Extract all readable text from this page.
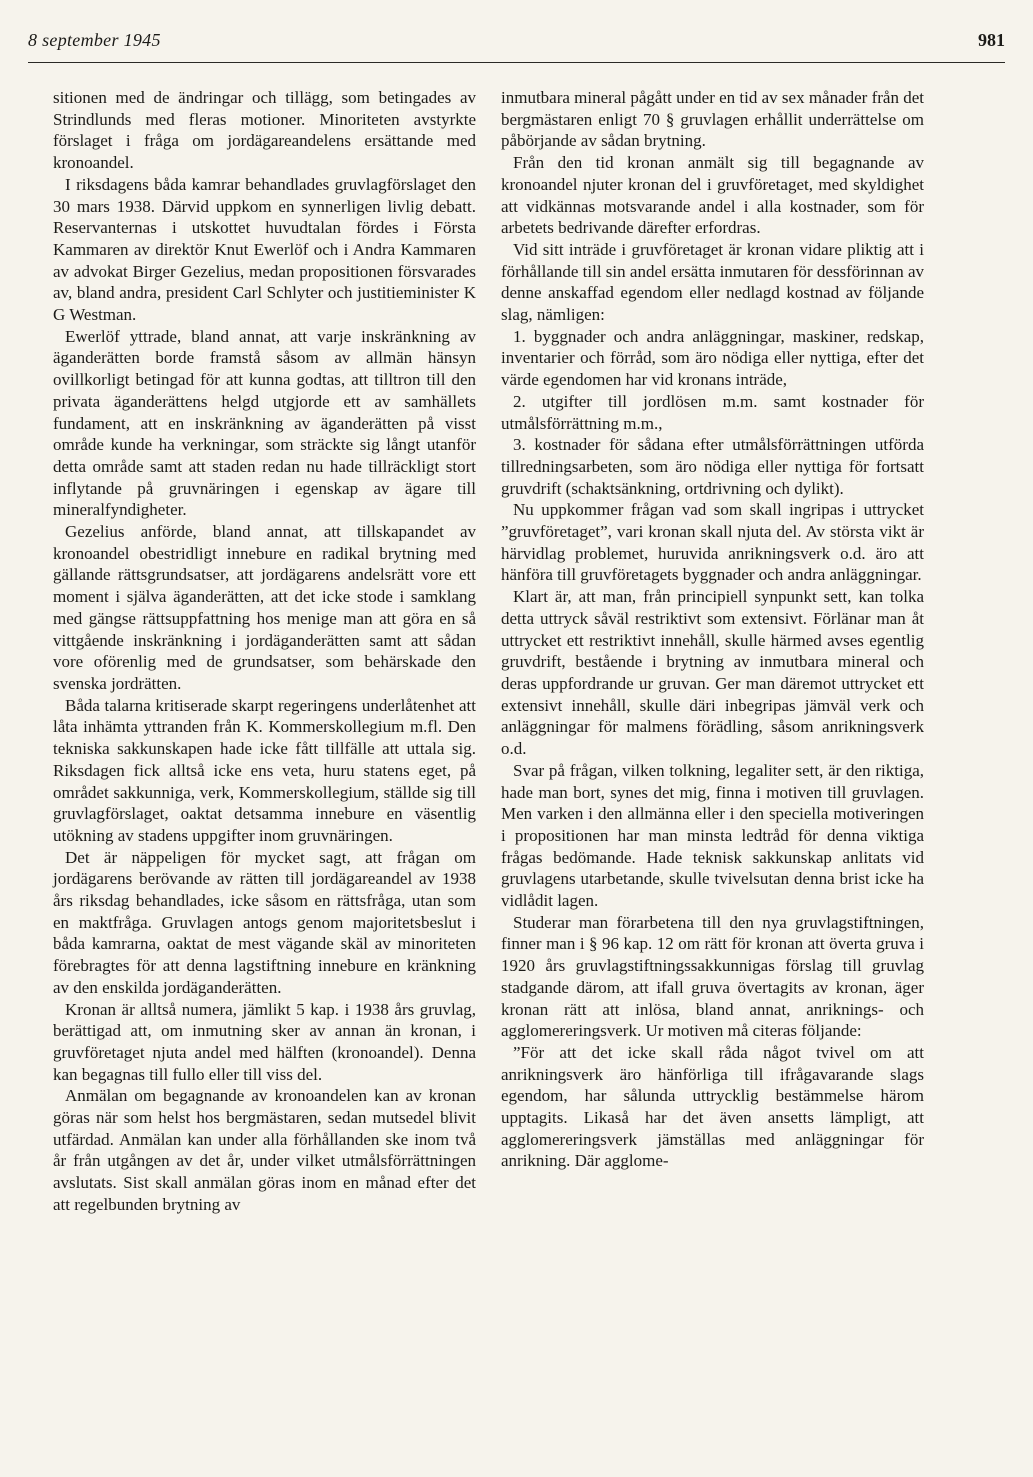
8 september 1945	981

sitionen med de ändringar och tillägg, som betingades av Strindlunds med fleras motioner. Minoriteten avstyrkte förslaget i fråga om jordägareandelens ersättande med kronoandel.

I riksdagens båda kamrar behandlades gruvlagförslaget den 30 mars 1938. Därvid uppkom en synnerligen livlig debatt. Reservanternas i utskottet huvudtalan fördes i Första Kammaren av direktör Knut Ewerlöf och i Andra Kammaren av advokat Birger Gezelius, medan propositionen försvarades av, bland andra, president Carl Schlyter och justitieminister K G Westman.

Ewerlöf yttrade, bland annat, att varje inskränkning av äganderätten borde framstå såsom av allmän hänsyn ovillkorligt betingad för att kunna godtas, att tilltron till den privata äganderättens helgd utgjorde ett av samhällets fundament, att en inskränkning av äganderätten på visst område kunde ha verkningar, som sträckte sig långt utanför detta område samt att staden redan nu hade tillräckligt stort inflytande på gruvnäringen i egenskap av ägare till mineralfyndigheter.

Gezelius anförde, bland annat, att tillskapandet av kronoandel obestridligt innebure en radikal brytning med gällande rättsgrundsatser, att jordägarens andelsrätt vore ett moment i själva äganderätten, att det icke stode i samklang med gängse rättsuppfattning hos menige man att göra en så vittgående inskränkning i jordäganderätten samt att sådan vore oförenlig med de grundsatser, som behärskade den svenska jordrätten.

Båda talarna kritiserade skarpt regeringens underlåtenhet att låta inhämta yttranden från K. Kommerskollegium m.fl. Den tekniska sakkunskapen hade icke fått tillfälle att uttala sig. Riksdagen fick alltså icke ens veta, huru statens eget, på området sakkunniga, verk, Kommerskollegium, ställde sig till gruvlagförslaget, oaktat detsamma innebure en väsentlig utökning av stadens uppgifter inom gruvnäringen.

Det är näppeligen för mycket sagt, att frågan om jordägarens berövande av rätten till jordägareandel av 1938 års riksdag behandlades, icke såsom en rättsfråga, utan som en maktfråga. Gruvlagen antogs genom majoritetsbeslut i båda kamrarna, oaktat de mest vägande skäl av minoriteten förebragtes för att denna lagstiftning innebure en kränkning av den enskilda jordäganderätten.

Kronan är alltså numera, jämlikt 5 kap. i 1938 års gruvlag, berättigad att, om inmutning sker av annan än kronan, i gruvföretaget njuta andel med hälften (kronoandel). Denna kan begagnas till fullo eller till viss del.

Anmälan om begagnande av kronoandelen kan av kronan göras när som helst hos bergmästaren, sedan mutsedel blivit utfärdad. Anmälan kan under alla förhållanden ske inom två år från utgången av det år, under vilket utmålsförrättningen avslutats. Sist skall anmälan göras inom en månad efter det att regelbunden brytning av

inmutbara mineral pågått under en tid av sex månader från det bergmästaren enligt 70 § gruvlagen erhållit underrättelse om påbörjande av sådan brytning.

Från den tid kronan anmält sig till begagnande av kronoandel njuter kronan del i gruvföretaget, med skyldighet att vidkännas motsvarande andel i alla kostnader, som för arbetets bedrivande därefter erfordras.

Vid sitt inträde i gruvföretaget är kronan vidare pliktig att i förhållande till sin andel ersätta inmutaren för dessförinnan av denne anskaffad egendom eller nedlagd kostnad av följande slag, nämligen:

1. byggnader och andra anläggningar, maskiner, redskap, inventarier och förråd, som äro nödiga eller nyttiga, efter det värde egendomen har vid kronans inträde,

2. utgifter till jordlösen m.m. samt kostnader för utmålsförrättning m.m.,

3. kostnader för sådana efter utmålsförrättningen utförda tillredningsarbeten, som äro nödiga eller nyttiga för fortsatt gruvdrift (schaktsänkning, ortdrivning och dylikt).

Nu uppkommer frågan vad som skall ingripas i uttrycket ”gruvföretaget”, vari kronan skall njuta del. Av största vikt är härvidlag problemet, huruvida anrikningsverk o.d. äro att hänföra till gruvföretagets byggnader och andra anläggningar.

Klart är, att man, från principiell synpunkt sett, kan tolka detta uttryck såväl restriktivt som extensivt. Förlänar man åt uttrycket ett restriktivt innehåll, skulle härmed avses egentlig gruvdrift, bestående i brytning av inmutbara mineral och deras uppfordrande ur gruvan. Ger man däremot uttrycket ett extensivt innehåll, skulle däri inbegripas jämväl verk och anläggningar för malmens förädling, såsom anrikningsverk o.d.

Svar på frågan, vilken tolkning, legaliter sett, är den riktiga, hade man bort, synes det mig, finna i motiven till gruvlagen. Men varken i den allmänna eller i den speciella motiveringen i propositionen har man minsta ledtråd för denna viktiga frågas bedömande. Hade teknisk sakkunskap anlitats vid gruvlagens utarbetande, skulle tvivelsutan denna brist icke ha vidlådit lagen.

Studerar man förarbetena till den nya gruvlagstiftningen, finner man i § 96 kap. 12 om rätt för kronan att överta gruva i 1920 års gruvlagstiftningssakkunnigas förslag till gruvlag stadgande därom, att ifall gruva övertagits av kronan, äger kronan rätt att inlösa, bland annat, anriknings- och agglomereringsverk. Ur motiven må citeras följande:

”För att det icke skall råda något tvivel om att anrikningsverk äro hänförliga till ifrågavarande slags egendom, har sålunda uttrycklig bestämmelse härom upptagits. Likaså har det även ansetts lämpligt, att agglomereringsverk jämställas med anläggningar för anrikning. Där agglome-
